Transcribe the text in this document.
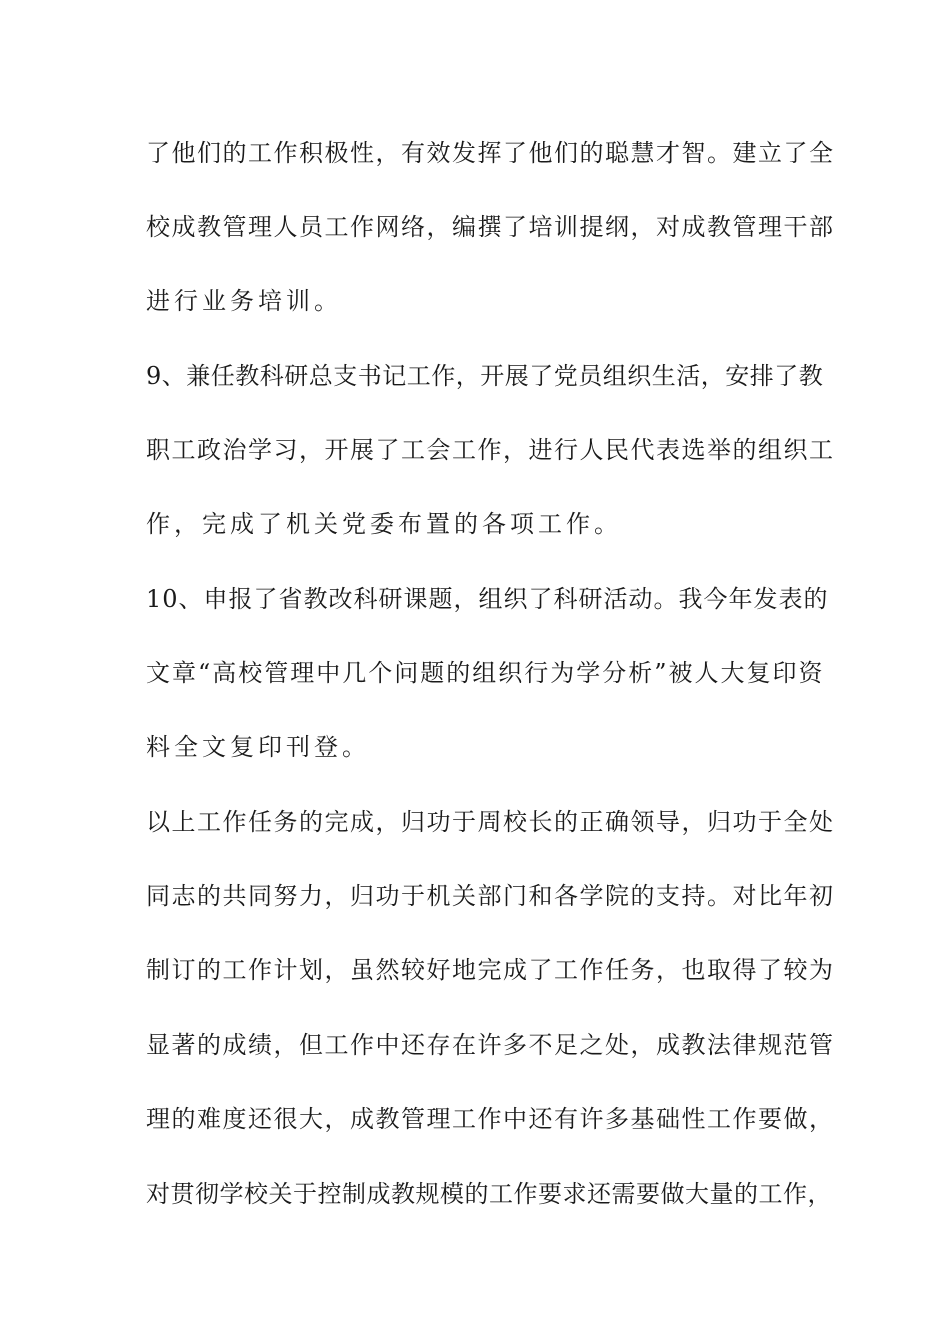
了他们的工作积极性，有效发挥了他们的聪慧才智。建立了全
校成教管理人员工作网络，编撰了培训提纲，对成教管理干部
进行业务培训。
9、兼任教科研总支书记工作，开展了党员组织生活，安排了教
职工政治学习，开展了工会工作，进行人民代表选举的组织工
作，完成了机关党委布置的各项工作。
10、申报了省教改科研课题，组织了科研活动。我今年发表的
文章“高校管理中几个问题的组织行为学分析”被人大复印资
料全文复印刊登。
以上工作任务的完成，归功于周校长的正确领导，归功于全处
同志的共同努力，归功于机关部门和各学院的支持。对比年初
制订的工作计划，虽然较好地完成了工作任务，也取得了较为
显著的成绩，但工作中还存在许多不足之处，成教法律规范管
理的难度还很大，成教管理工作中还有许多基础性工作要做，
对贯彻学校关于控制成教规模的工作要求还需要做大量的工作，
